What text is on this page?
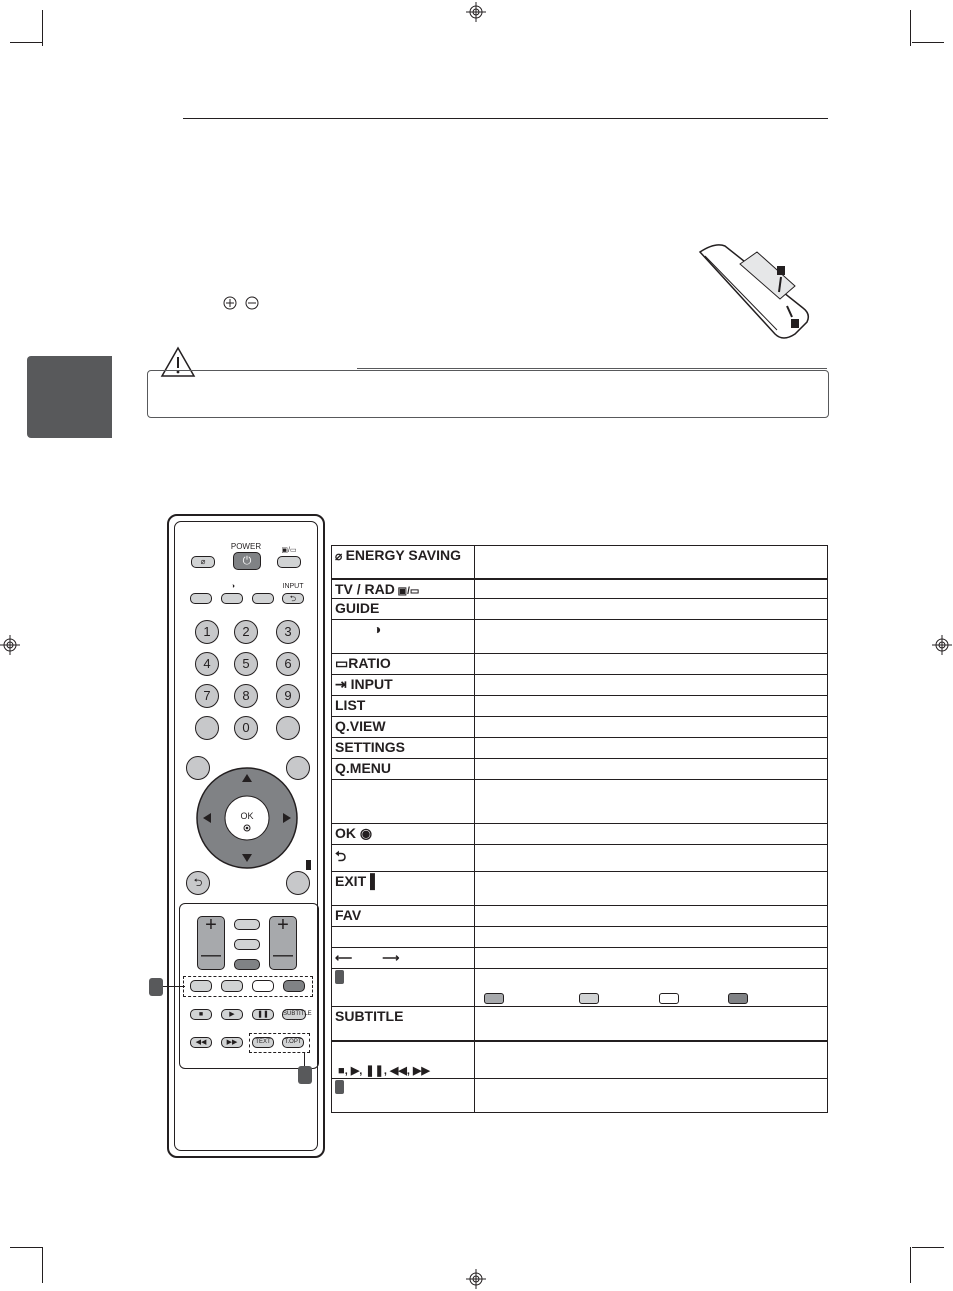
POWER
⌀	⏻
▣/▭
⮌
INPUT
◑
1	2	3
4	5	6
7	8	9
0
OK
⮌
+
—
+
—
■	▶	❚❚	SUBTITLE
◀◀	▶▶	TEXT	T.OPT
⌀ ENERGY SAVING	
TV / RAD ▣/▭	
GUIDE	
◑	
▭RATIO	
⇥ INPUT	
LIST	
Q.VIEW	
SETTINGS	
Q.MENU	

OK ◉	
⮌	
EXIT ▌	
FAV	

⟵         ⟶	

SUBTITLE	
■, ▶, ❚❚, ◀◀, ▶▶	
